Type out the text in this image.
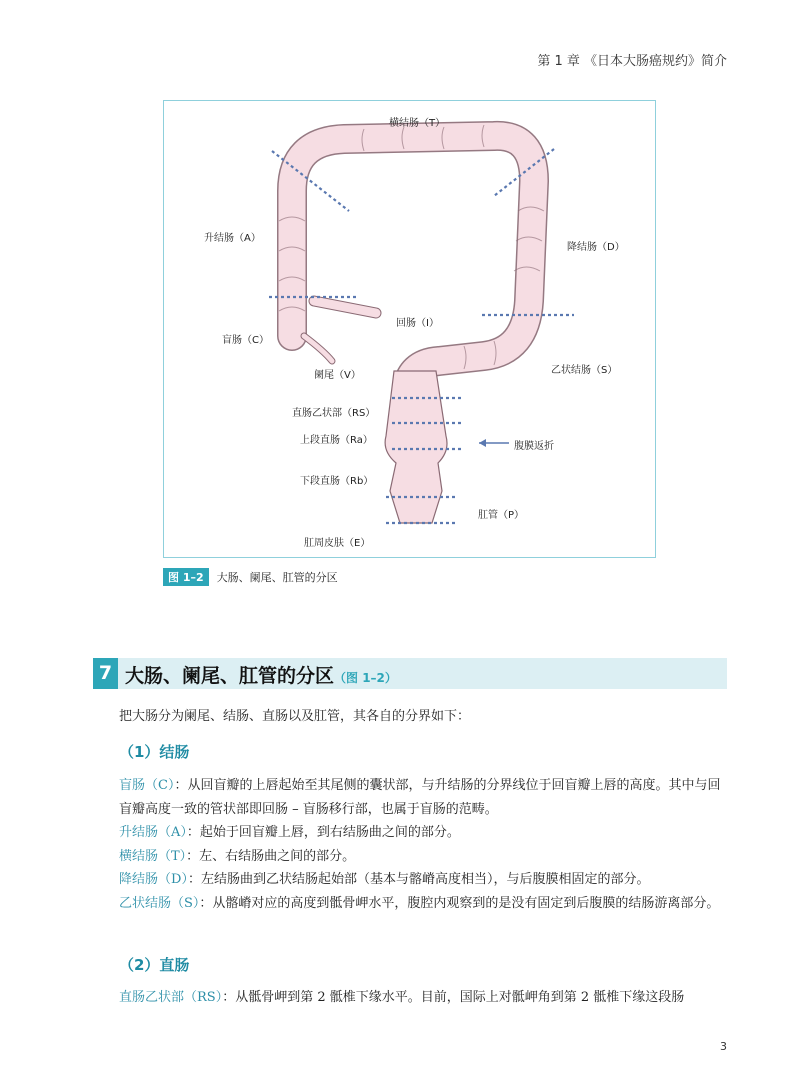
第 1 章 《日本大肠癌规约》简介
横结肠（T）
升结肠（A）
降结肠（D）
回肠（I）
盲肠（C）
阑尾（V）	乙状结肠（S）
直肠乙状部（RS）
上段直肠（Ra）
腹膜返折
下段直肠（Rb）
肛管（P）
肛周皮肤（E）
图 1–2 大肠、阑尾、肛管的分区
7 大肠、阑尾、肛管的分区（图 1–2）
把大肠分为阑尾、结肠、直肠以及肛管，其各自的分界如下：
（1）结肠
盲肠（C）：从回盲瓣的上唇起始至其尾侧的囊状部，与升结肠的分界线位于回盲瓣上唇的高度。其中与回盲瓣高度一致的管状部即回肠 – 盲肠移行部，也属于盲肠的范畴。
升结肠（A）：起始于回盲瓣上唇，到右结肠曲之间的部分。
横结肠（T）：左、右结肠曲之间的部分。
降结肠（D）：左结肠曲到乙状结肠起始部（基本与髂嵴高度相当），与后腹膜相固定的部分。
乙状结肠（S）：从髂嵴对应的高度到骶骨岬水平，腹腔内观察到的是没有固定到后腹膜的结肠游离部分。
（2）直肠
直肠乙状部（RS）：从骶骨岬到第 2 骶椎下缘水平。目前，国际上对骶岬角到第 2 骶椎下缘这段肠
3
